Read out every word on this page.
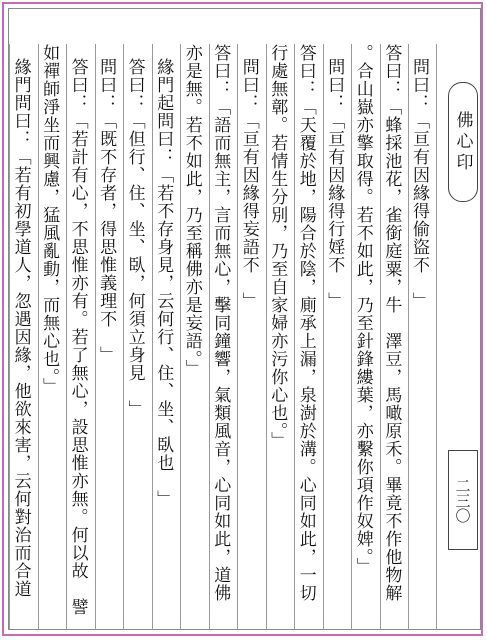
佛心印
二三〇
問曰：「亘有因緣得偷盜不　」
答曰：「蜂採池花，雀銜庭粟，牛　澤豆，馬噉原禾。畢竟不作他物解
。合山嶽亦擎取得。若不如此，乃至針鋒縷葉，亦繫你項作奴婢。」
問曰：「亘有因緣得行婬不　」
答曰：「天覆於地，陽合於陰，廁承上漏，泉澍於溝。心同如此，一切
行處無鄣。若情生分別，乃至自家婦亦污你心也。」
問曰：「亘有因緣得妄語不　」
答曰：「語而無主，言而無心，擊同鐘響，氣類風音，心同如此，道佛
亦是無。若不如此，乃至稱佛亦是妄語。」
緣門起問曰：「若不存身見，云何行、住、坐、臥也　」
答曰：「但行、住、坐、臥，何須立身見　」
問曰：「既不存者，得思惟義理不　」
答曰：「若計有心，不思惟亦有。若了無心，設思惟亦無。何以故　譬
如禪師淨坐而興慮，猛風亂動，而無心也。」
緣門問曰：「若有初學道人，忽遇因緣，他欲來害，云何對治而合道
